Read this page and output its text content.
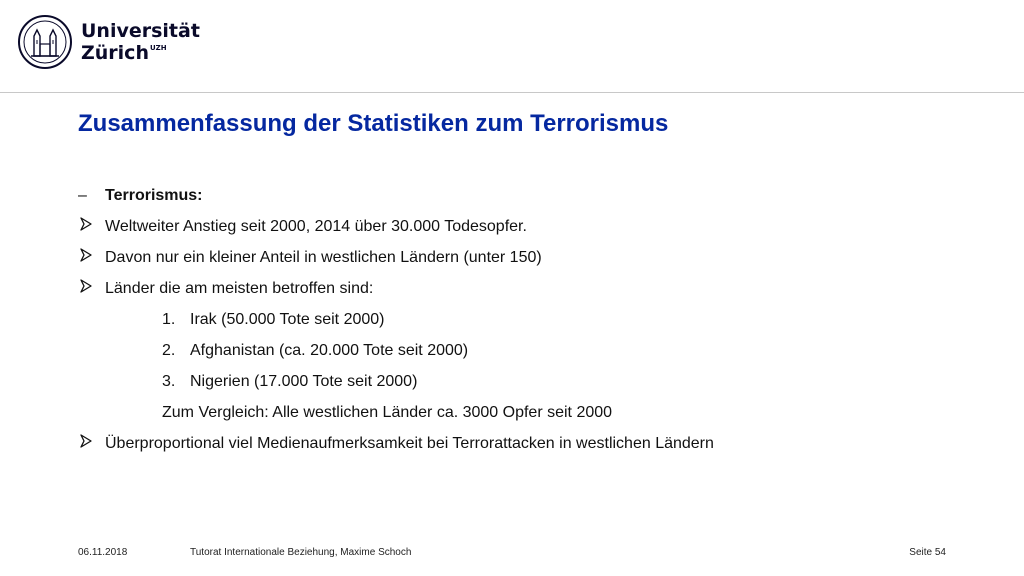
Universität
Zürich UZH
Zusammenfassung der Statistiken zum Terrorismus
–	Terrorismus:
Weltweiter Anstieg seit 2000, 2014 über 30.000 Todesopfer.
Davon nur ein kleiner Anteil in westlichen Ländern (unter 150)
Länder die am meisten betroffen sind:
1. Irak (50.000 Tote seit 2000)
2. Afghanistan (ca. 20.000 Tote seit 2000)
3. Nigerien (17.000 Tote seit 2000)
Zum Vergleich: Alle westlichen Länder ca. 3000 Opfer seit 2000
Überproportional viel Medienaufmerksamkeit bei Terrorattacken in westlichen Ländern
06.11.2018	Tutorat Internationale Beziehung, Maxime Schoch	Seite 54
